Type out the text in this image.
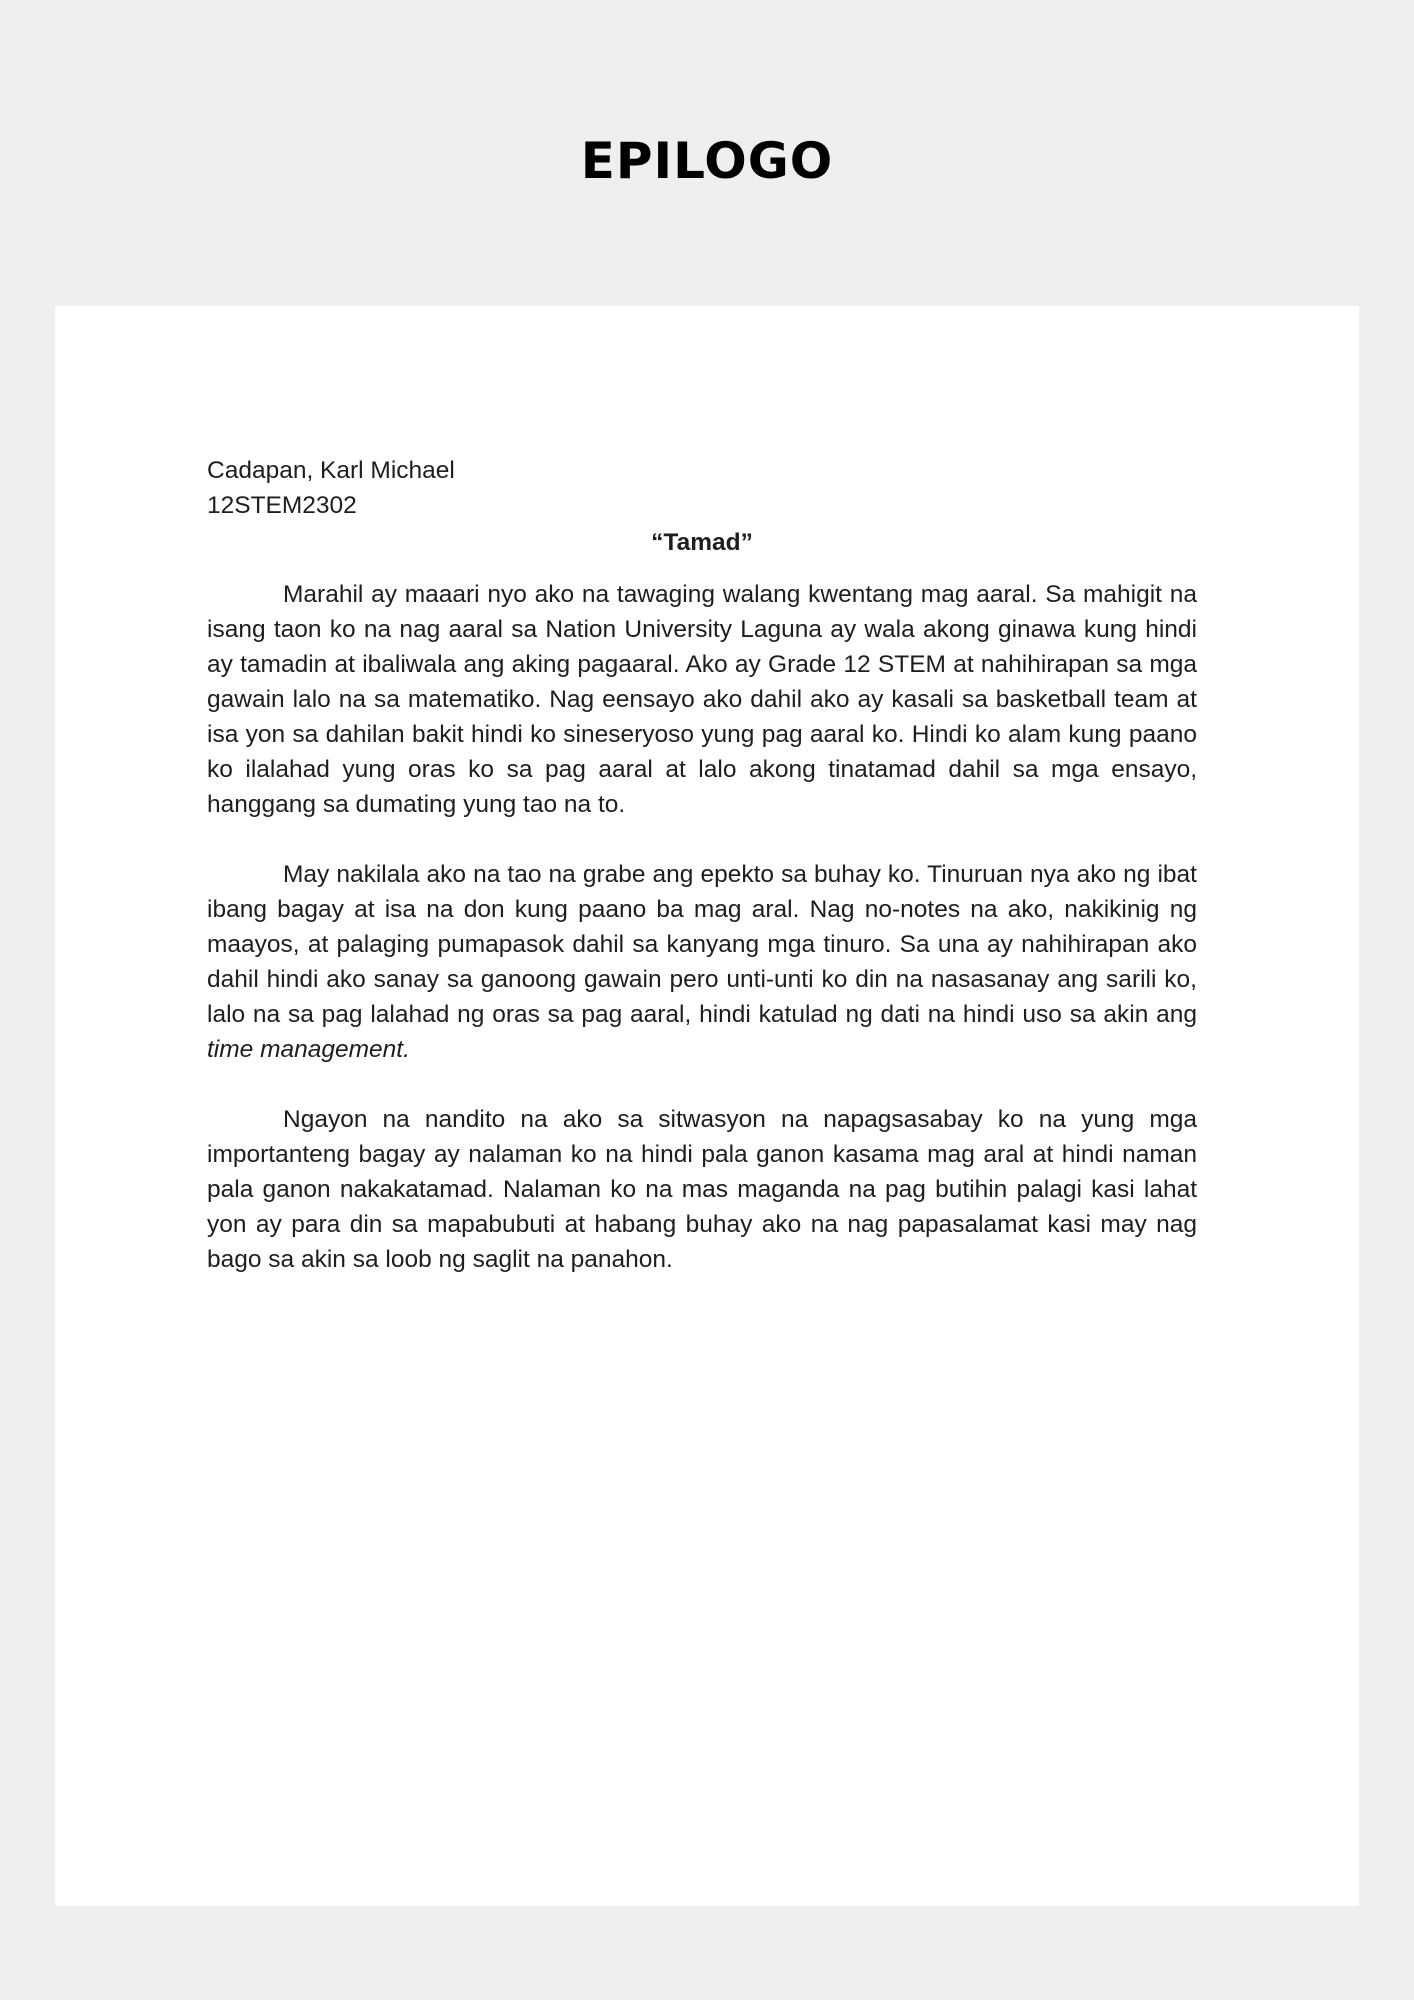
EPILOGO
Cadapan, Karl Michael
12STEM2302
“Tamad”

Marahil ay maaari nyo ako na tawaging walang kwentang mag aaral. Sa mahigit na isang taon ko na nag aaral sa Nation University Laguna ay wala akong ginawa kung hindi ay tamadin at ibaliwala ang aking pagaaral. Ako ay Grade 12 STEM at nahihirapan sa mga gawain lalo na sa matematiko. Nag eensayo ako dahil ako ay kasali sa basketball team at isa yon sa dahilan bakit hindi ko sineseryoso yung pag aaral ko. Hindi ko alam kung paano ko ilalahad yung oras ko sa pag aaral at lalo akong tinatamad dahil sa mga ensayo, hanggang sa dumating yung tao na to.

May nakilala ako na tao na grabe ang epekto sa buhay ko. Tinuruan nya ako ng ibat ibang bagay at isa na don kung paano ba mag aral. Nag no-notes na ako, nakikinig ng maayos, at palaging pumapasok dahil sa kanyang mga tinuro. Sa una ay nahihirapan ako dahil hindi ako sanay sa ganoong gawain pero unti-unti ko din na nasasanay ang sarili ko, lalo na sa pag lalahad ng oras sa pag aaral, hindi katulad ng dati na hindi uso sa akin ang time management.

Ngayon na nandito na ako sa sitwasyon na napagsasabay ko na yung mga importanteng bagay ay nalaman ko na hindi pala ganon kasama mag aral at hindi naman pala ganon nakakatamad. Nalaman ko na mas maganda na pag butihin palagi kasi lahat yon ay para din sa mapabubuti at habang buhay ako na nag papasalamat kasi may nag bago sa akin sa loob ng saglit na panahon.
